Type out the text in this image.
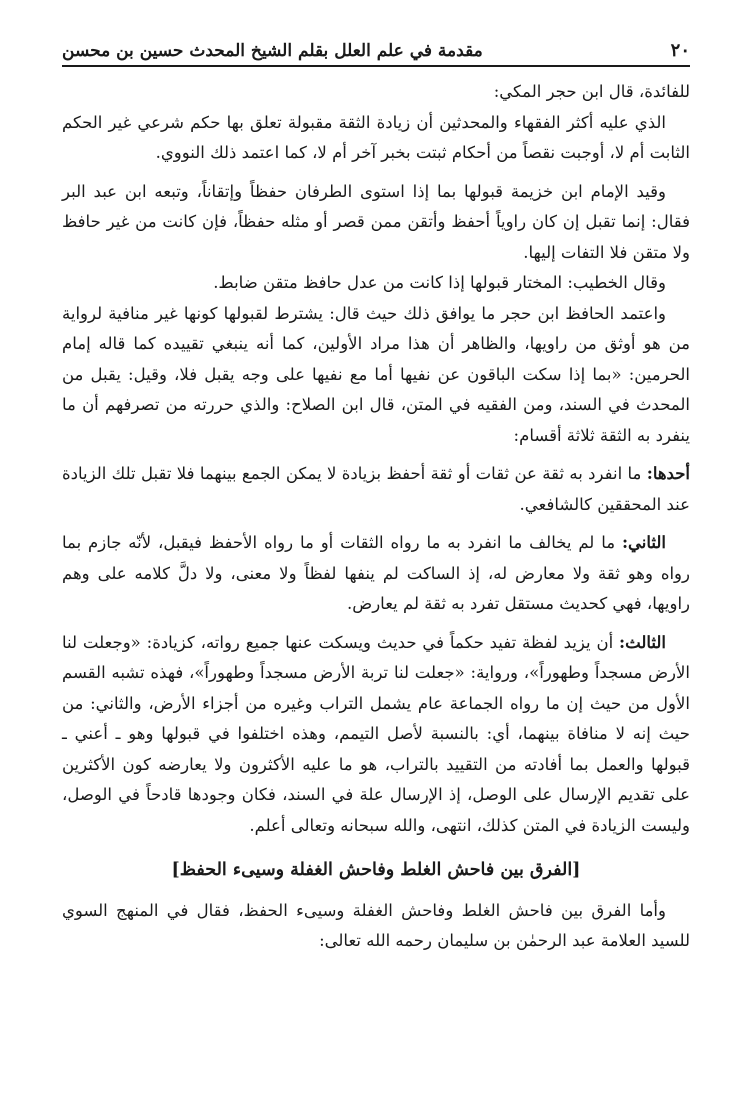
٢٠
مقدمة في علم العلل بقلم الشيخ المحدث حسين بن محسن

للفائدة، قال ابن حجر المكي:

الذي عليه أكثر الفقهاء والمحدثين أن زيادة الثقة مقبولة تعلق بها حكم شرعي غير الحكم الثابت أم لا، أوجبت نقصاً من أحكام ثبتت بخبر آخر أم لا، كما اعتمد ذلك النووي.

وقيد الإمام ابن خزيمة قبولها بما إذا استوى الطرفان حفظاً وإتقاناً، وتبعه ابن عبد البر فقال: إنما تقبل إن كان راوياً أحفظ وأتقن ممن قصر أو مثله حفظاً، فإن كانت من غير حافظ ولا متقن فلا التفات إليها.

وقال الخطيب: المختار قبولها إذا كانت من عدل حافظ متقن ضابط.

واعتمد الحافظ ابن حجر ما يوافق ذلك حيث قال: يشترط لقبولها كونها غير منافية لرواية من هو أوثق من راويها، والظاهر أن هذا مراد الأولين، كما أنه ينبغي تقييده كما قاله إمام الحرمين: «بما إذا سكت الباقون عن نفيها أما مع نفيها على وجه يقبل فلا، وقيل: يقبل من المحدث في السند، ومن الفقيه في المتن، قال ابن الصلاح: والذي حررته من تصرفهم أن ما ينفرد به الثقة ثلاثة أقسام:

أحدها: ما انفرد به ثقة عن ثقات أو ثقة أحفظ بزيادة لا يمكن الجمع بينهما فلا تقبل تلك الزيادة عند المحققين كالشافعي.

الثاني: ما لم يخالف ما انفرد به ما رواه الثقات أو ما رواه الأحفظ فيقبل، لأنّه جازم بما رواه وهو ثقة ولا معارض له، إذ الساكت لم ينفها لفظاً ولا معنى، ولا دلَّ كلامه على وهم راويها، فهي كحديث مستقل تفرد به ثقة لم يعارض.

الثالث: أن يزيد لفظة تفيد حكماً في حديث ويسكت عنها جميع رواته، كزيادة: «وجعلت لنا الأرض مسجداً وطهوراً»، ورواية: «جعلت لنا تربة الأرض مسجداً وطهوراً»، فهذه تشبه القسم الأول من حيث إن ما رواه الجماعة عام يشمل التراب وغيره من أجزاء الأرض، والثاني: من حيث إنه لا منافاة بينهما، أي: بالنسبة لأصل التيمم، وهذه اختلفوا في قبولها وهو ـ أعني ـ قبولها والعمل بما أفادته من التقييد بالتراب، هو ما عليه الأكثرون ولا يعارضه كون الأكثرين على تقديم الإرسال على الوصل، إذ الإرسال علة في السند، فكان وجودها قادحاً في الوصل، وليست الزيادة في المتن كذلك، انتهى، والله سبحانه وتعالى أعلم.

[الفرق بين فاحش الغلط وفاحش الغفلة وسيىء الحفظ]

وأما الفرق بين فاحش الغلط وفاحش الغفلة وسيىء الحفظ، فقال في المنهج السوي للسيد العلامة عبد الرحمٰن بن سليمان رحمه الله تعالى:
